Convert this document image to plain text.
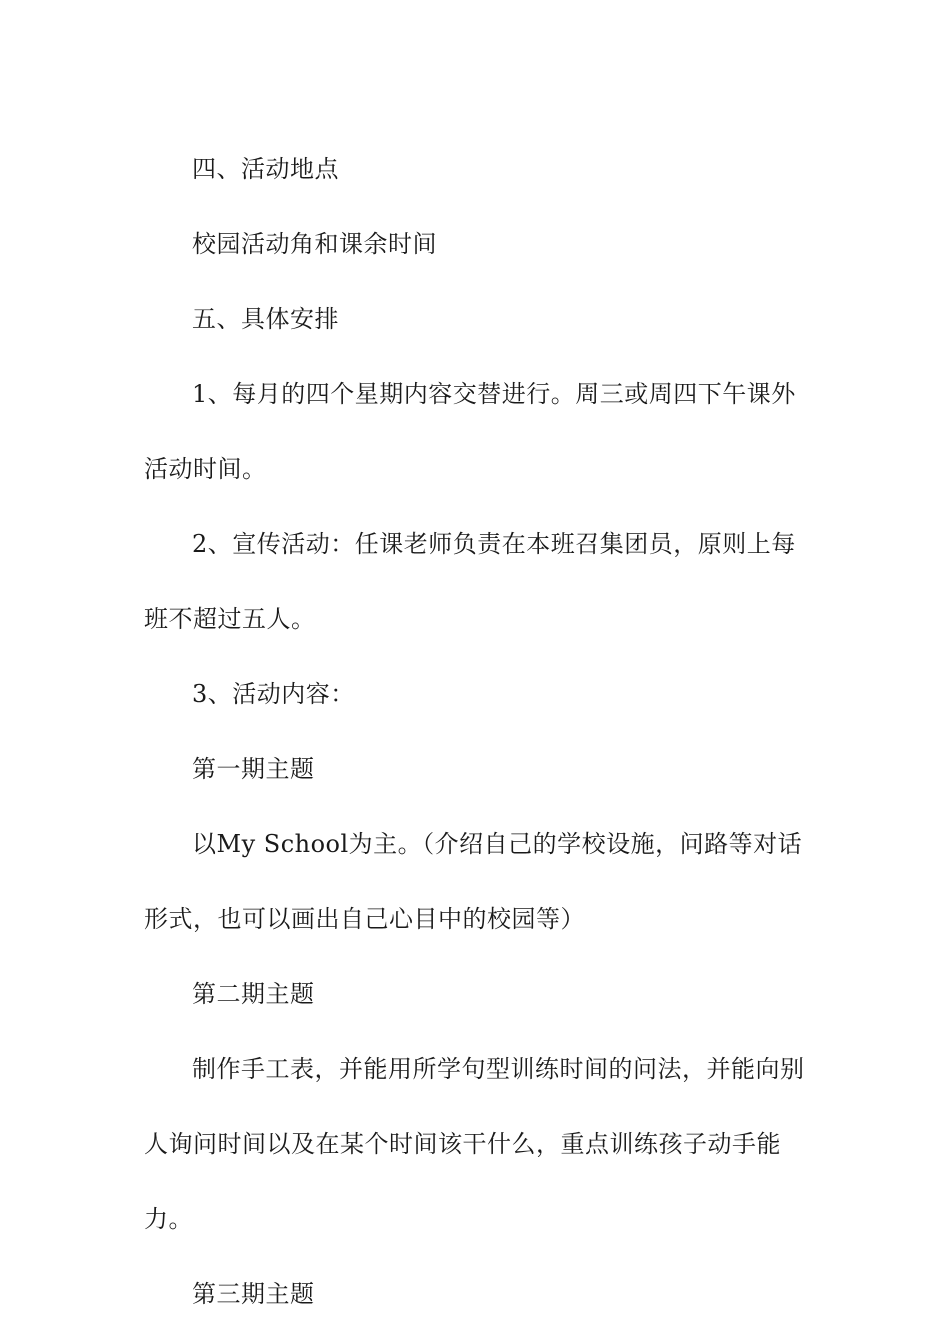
四、活动地点

校园活动角和课余时间

五、具体安排

1、每月的四个星期内容交替进行。周三或周四下午课外活动时间。

2、宣传活动：任课老师负责在本班召集团员，原则上每班不超过五人。

3、活动内容：

第一期主题

以My School为主。（介绍自己的学校设施，问路等对话形式，也可以画出自己心目中的校园等）

第二期主题

制作手工表，并能用所学句型训练时间的问法，并能向别人询问时间以及在某个时间该干什么，重点训练孩子动手能力。

第三期主题
